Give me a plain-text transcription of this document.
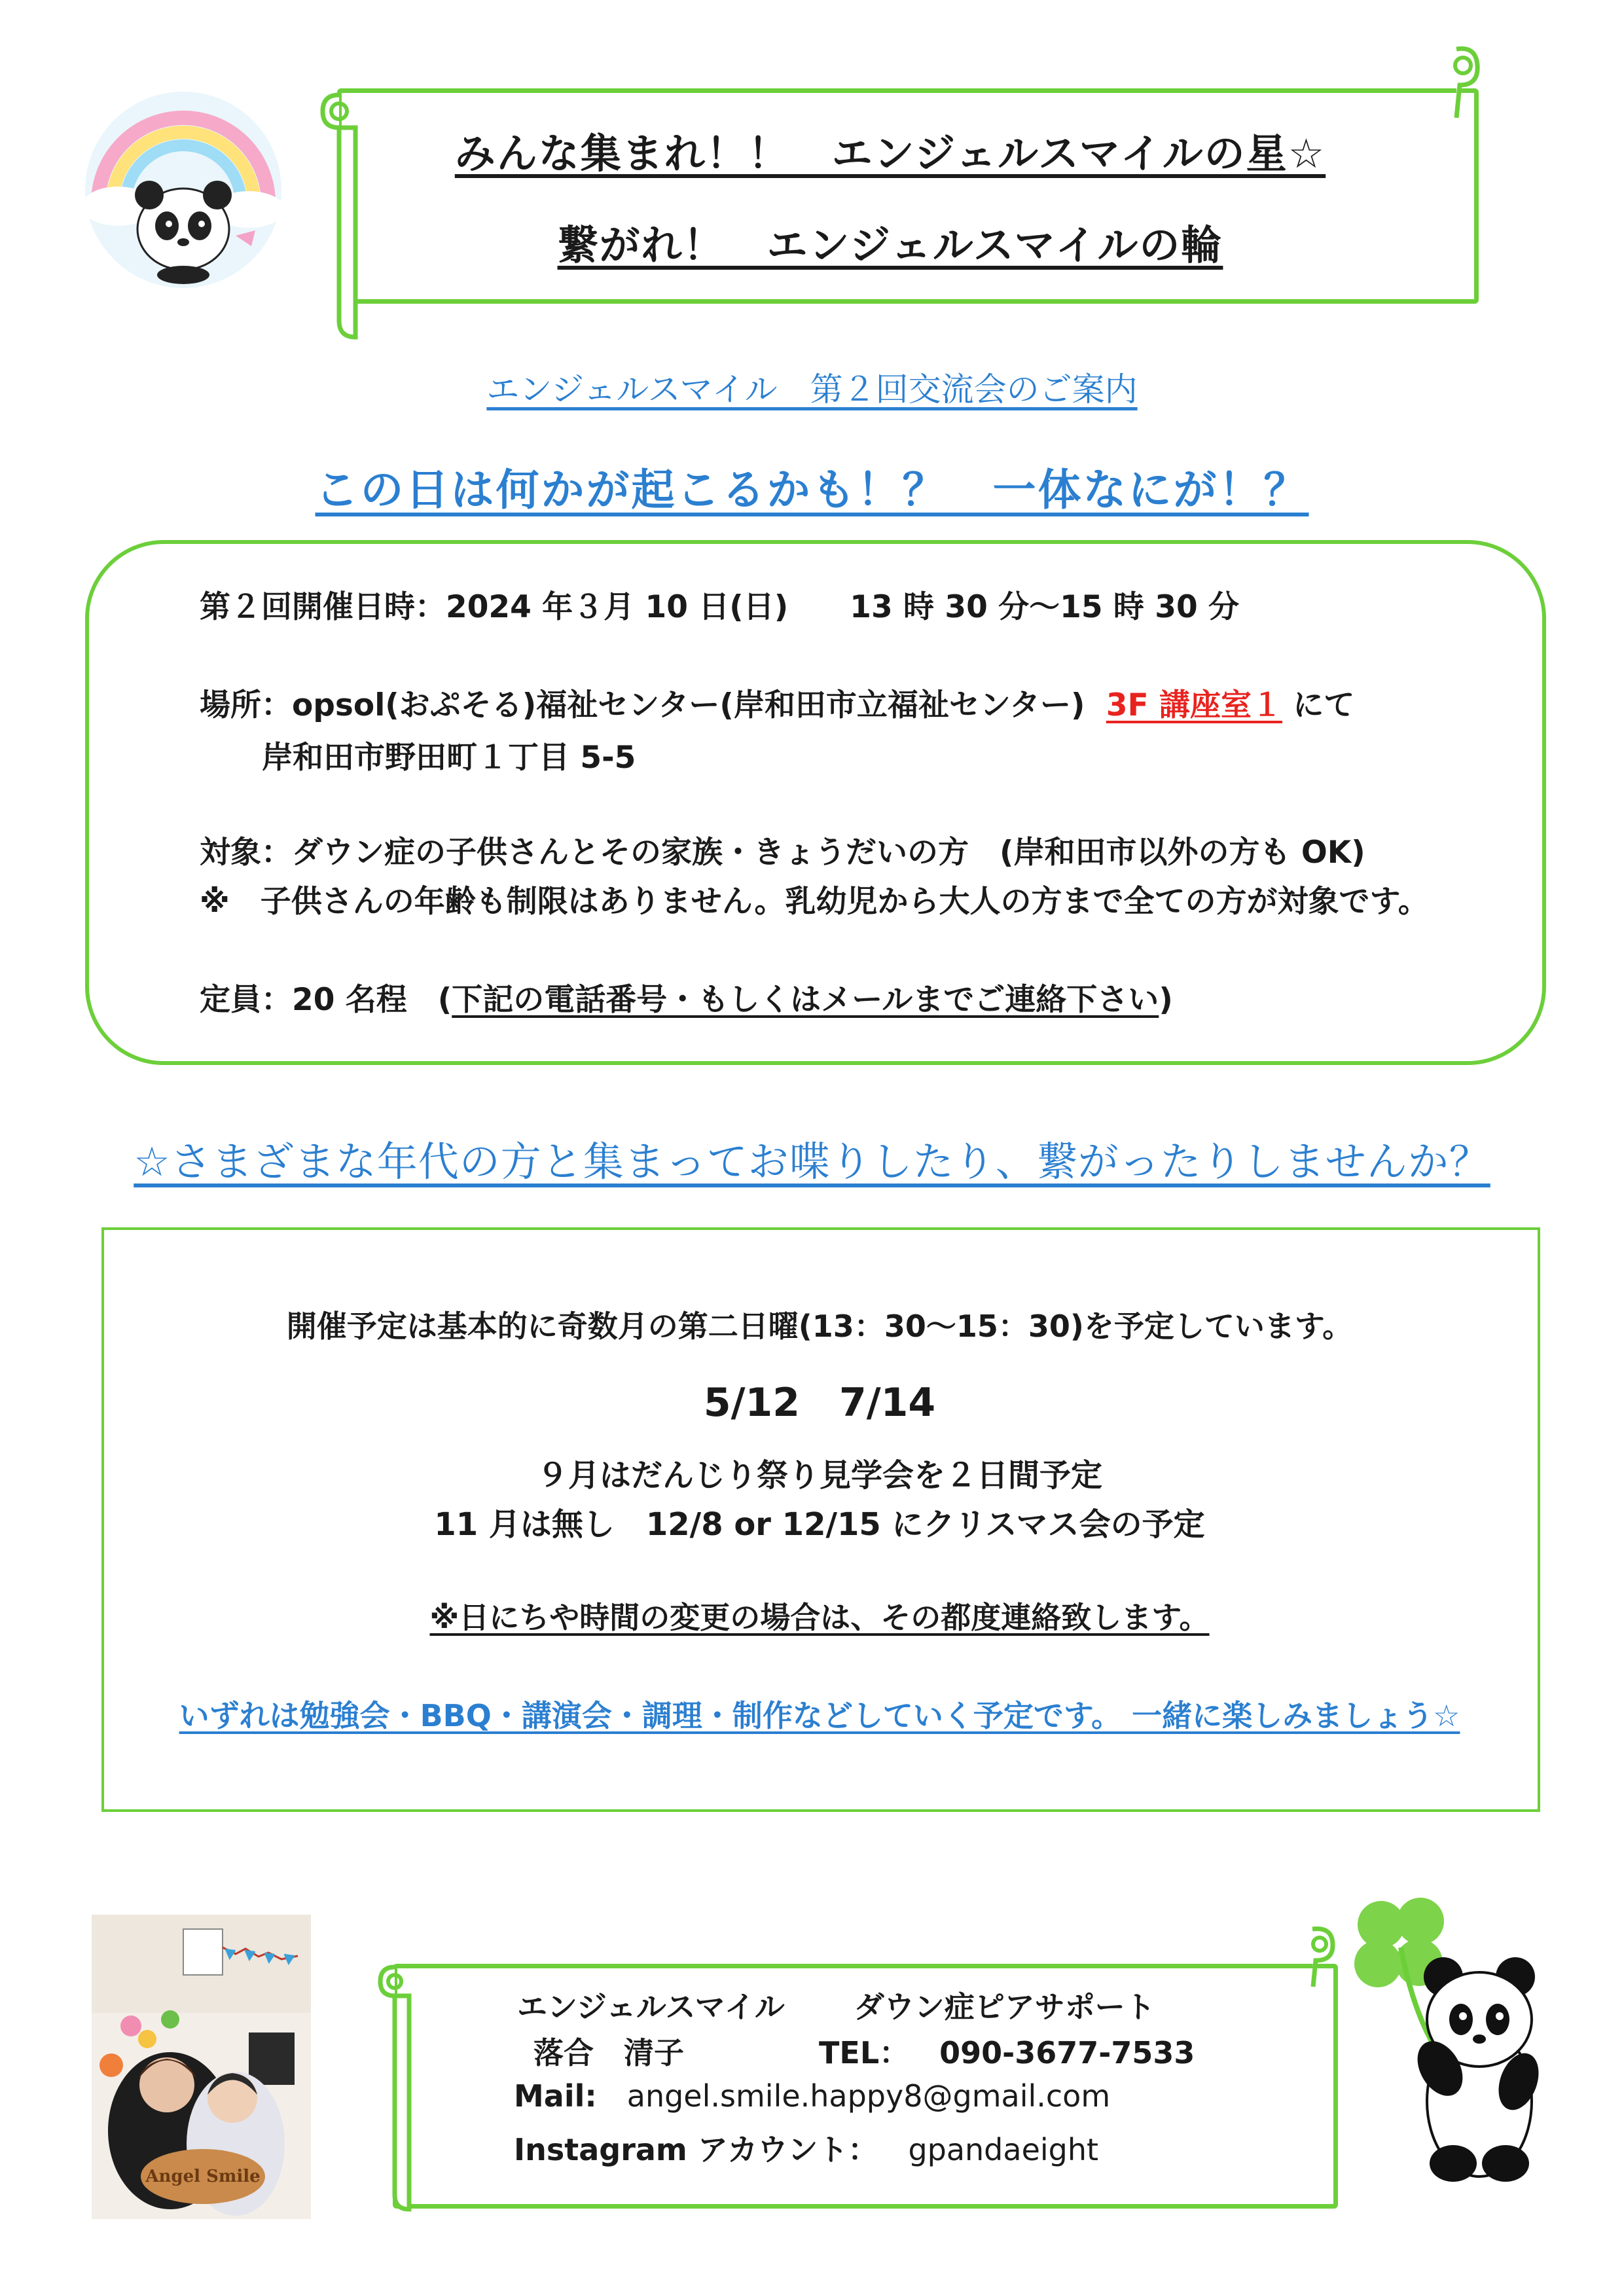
みんな集まれ！！　エンジェルスマイルの星☆
繋がれ！　エンジェルスマイルの輪
エンジェルスマイル　第２回交流会のご案内
この日は何かが起こるかも！？　一体なにが！？
第２回開催日時：2024 年３月 10 日(日)　　13 時 30 分～15 時 30 分
場所：opsol(おぷそる)福祉センター(岸和田市立福祉センター) 3F 講座室１ にて
岸和田市野田町１丁目 5-5
対象：ダウン症の子供さんとその家族・きょうだいの方　(岸和田市以外の方も OK)
※　子供さんの年齢も制限はありません。乳幼児から大人の方まで全ての方が対象です。
定員：20 名程　(下記の電話番号・もしくはメールまでご連絡下さい)
☆さまざまな年代の方と集まってお喋りしたり、繋がったりしませんか？
開催予定は基本的に奇数月の第二日曜(13：30～15：30)を予定しています。
5/12　7/14
９月はだんじり祭り見学会を２日間予定
11 月は無し　12/8 or 12/15 にクリスマス会の予定
※日にちや時間の変更の場合は、その都度連絡致します。
いずれは勉強会・BBQ・講演会・調理・制作などしていく予定です。 一緒に楽しみましょう☆
Angel Smile
エンジェルスマイル ダウン症ピアサポート
落合　清子	TEL： 090-3677-7533
Mail: angel.smile.happy8@gmail.com
Instagram アカウント： gpandaeight
